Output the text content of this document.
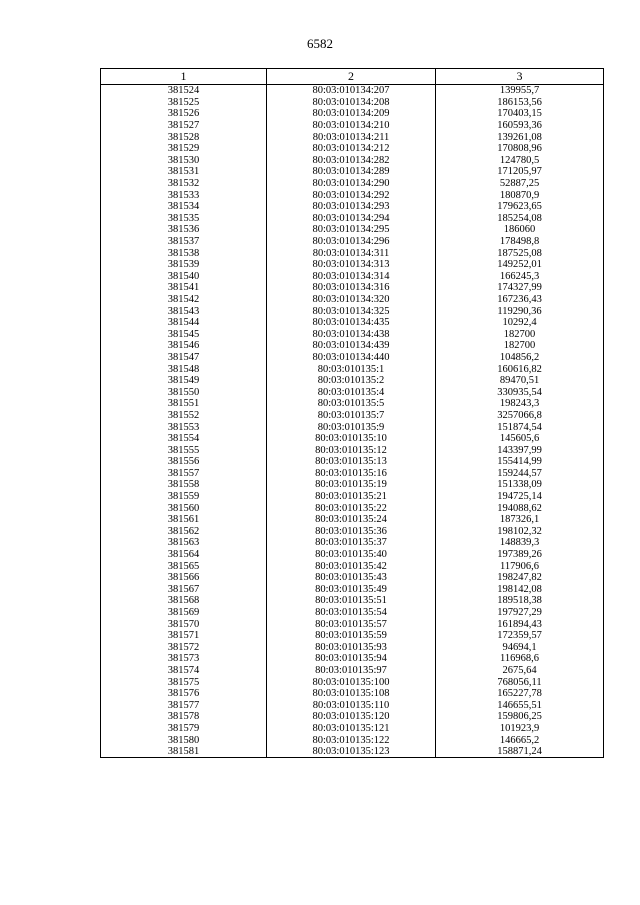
6582
1	2	3
381524	80:03:010134:207	139955,7
381525	80:03:010134:208	186153,56
381526	80:03:010134:209	170403,15
381527	80:03:010134:210	160593,36
381528	80:03:010134:211	139261,08
381529	80:03:010134:212	170808,96
381530	80:03:010134:282	124780,5
381531	80:03:010134:289	171205,97
381532	80:03:010134:290	52887,25
381533	80:03:010134:292	180870,9
381534	80:03:010134:293	179623,65
381535	80:03:010134:294	185254,08
381536	80:03:010134:295	186060
381537	80:03:010134:296	178498,8
381538	80:03:010134:311	187525,08
381539	80:03:010134:313	149252,01
381540	80:03:010134:314	166245,3
381541	80:03:010134:316	174327,99
381542	80:03:010134:320	167236,43
381543	80:03:010134:325	119290,36
381544	80:03:010134:435	10292,4
381545	80:03:010134:438	182700
381546	80:03:010134:439	182700
381547	80:03:010134:440	104856,2
381548	80:03:010135:1	160616,82
381549	80:03:010135:2	89470,51
381550	80:03:010135:4	330935,54
381551	80:03:010135:5	198243,3
381552	80:03:010135:7	3257066,8
381553	80:03:010135:9	151874,54
381554	80:03:010135:10	145605,6
381555	80:03:010135:12	143397,99
381556	80:03:010135:13	155414,99
381557	80:03:010135:16	159244,57
381558	80:03:010135:19	151338,09
381559	80:03:010135:21	194725,14
381560	80:03:010135:22	194088,62
381561	80:03:010135:24	187326,1
381562	80:03:010135:36	198102,32
381563	80:03:010135:37	148839,3
381564	80:03:010135:40	197389,26
381565	80:03:010135:42	117906,6
381566	80:03:010135:43	198247,82
381567	80:03:010135:49	198142,08
381568	80:03:010135:51	189518,38
381569	80:03:010135:54	197927,29
381570	80:03:010135:57	161894,43
381571	80:03:010135:59	172359,57
381572	80:03:010135:93	94694,1
381573	80:03:010135:94	116968,6
381574	80:03:010135:97	2675,64
381575	80:03:010135:100	768056,11
381576	80:03:010135:108	165227,78
381577	80:03:010135:110	146655,51
381578	80:03:010135:120	159806,25
381579	80:03:010135:121	101923,9
381580	80:03:010135:122	146665,2
381581	80:03:010135:123	158871,24
